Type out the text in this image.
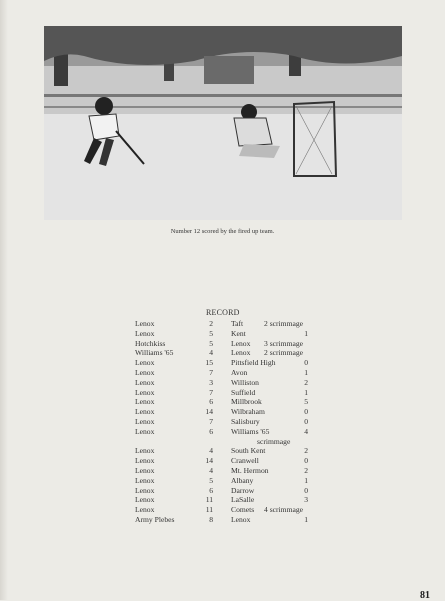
Number 12 scored by the fired up team.
RECORD
Lenox	2 Taft	2 scrimmage
Lenox	5 Kent	1
Hotchkiss	5 Lenox 3 scrimmage
Williams '65	4 Lenox 2 scrimmage
Lenox	15 Pittsfield High	0
Lenox	7 Avon	1
Lenox	3 Williston	2
Lenox	7 Suffield	1
Lenox	6 Millbrook	5
Lenox	14 Wilbraham	0
Lenox	7 Salisbury	0
Lenox	6 Williams '65	4
scrimmage
Lenox	4 South Kent	2
Lenox	14 Cranwell	0
Lenox	4 Mt. Hermon	2
Lenox	5 Albany	1
Lenox	6 Darrow	0
Lenox	11 LaSalle	3
Lenox	11 Comets 4 scrimmage
Army Plebes	8 Lenox	1
81
